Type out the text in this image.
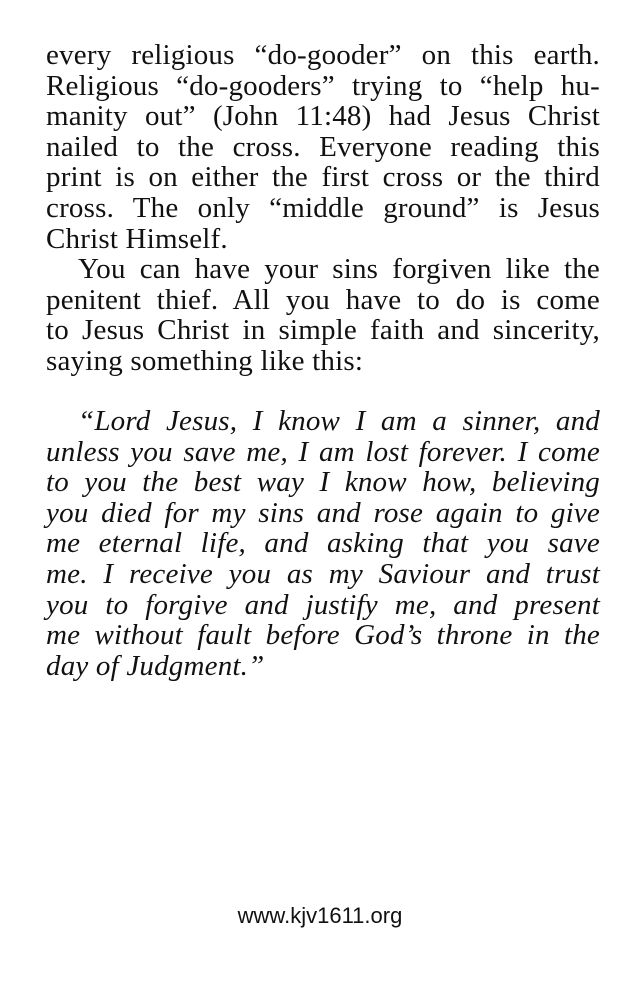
every religious “do-gooder” on this earth.
Religious “do-gooders” trying to “help hu-
manity out” (John 11:48) had Jesus Christ
nailed to the cross. Everyone reading this
print is on either the first cross or the third
cross. The only “middle ground” is Jesus
Christ Himself.
You can have your sins forgiven like the
penitent thief. All you have to do is come
to Jesus Christ in simple faith and sincerity,
saying something like this:
“Lord Jesus, I know I am a sinner, and
unless you save me, I am lost forever. I come
to you the best way I know how, believing
you died for my sins and rose again to give
me eternal life, and asking that you save
me. I receive you as my Saviour and trust
you to forgive and justify me, and present
me without fault before God’s throne in the
day of Judgment.”
www.kjv1611.org
